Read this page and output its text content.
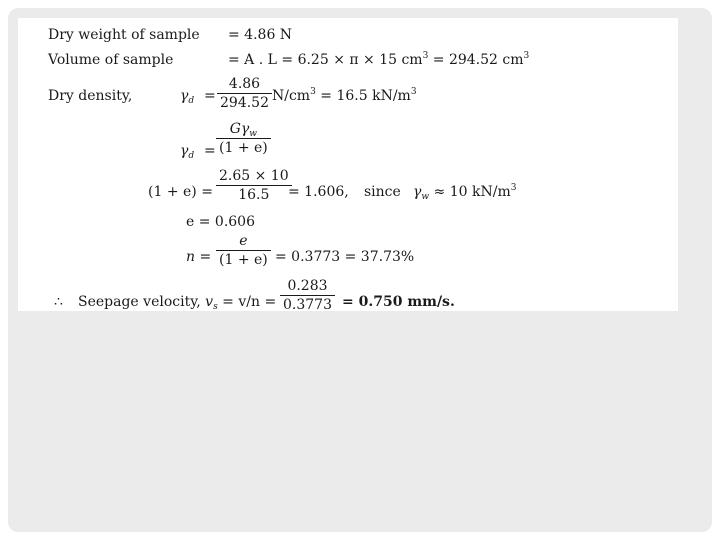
Dry weight of sample = 4.86 N
Volume of sample	= A . L = 6.25 × π × 15 $cm^3 = 294.52$ $cm^3$
Dry density,	$\gamma_d$ =
4.86
294.52 $N/cm^3 = 16.5$ $kN/m^3$
$\gamma_d$ =
$G\gamma_w$
(1 + e)
(1 + e) =
2.65 × 10
16.5 = 1.606, since $\gamma_w \approx 10$ $kN/m^3$
e = 0.606
n =
e
(1 + e) = 0.3773 = 37.73%
∴ Seepage velocity, $v_s = v/n$ =
0.283
0.3773 = 0.750 mm/s.
